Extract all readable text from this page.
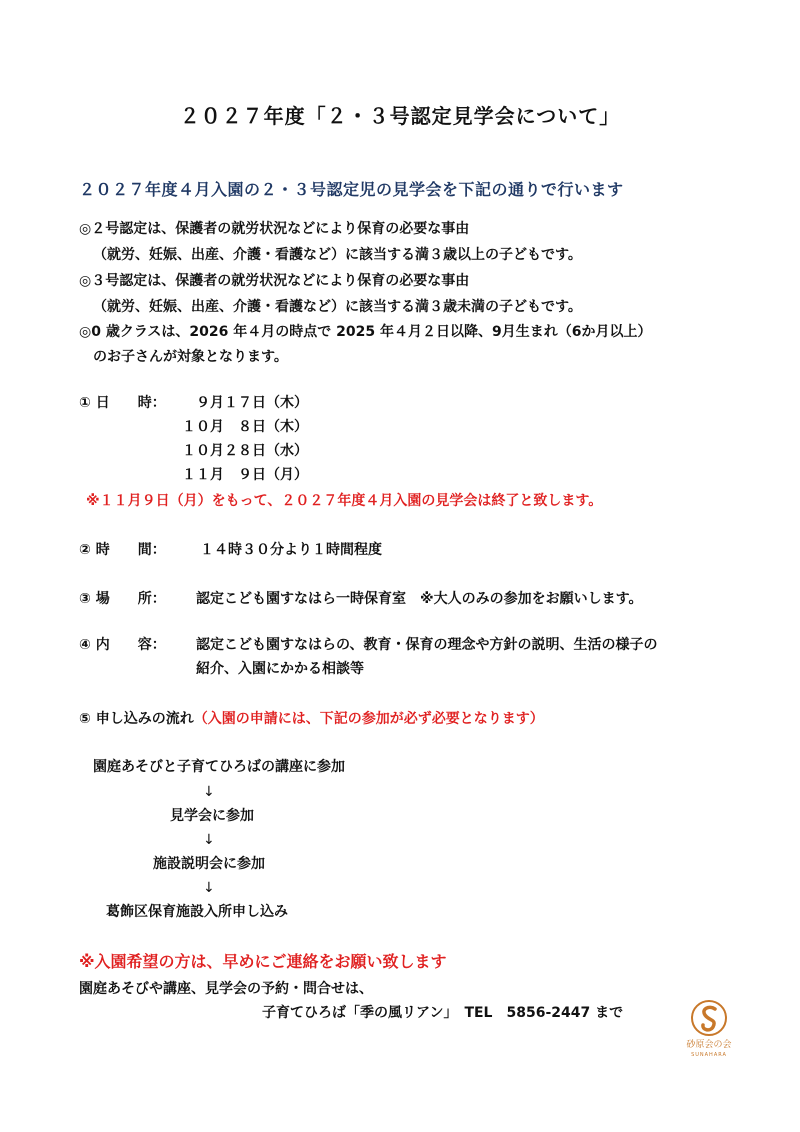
２０２７年度「２・３号認定見学会について」
２０２７年度４月入園の２・３号認定児の見学会を下記の通りで行います
◎２号認定は、保護者の就労状況などにより保育の必要な事由
（就労、妊娠、出産、介護・看護など）に該当する満３歳以上の子どもです。
◎３号認定は、保護者の就労状況などにより保育の必要な事由
（就労、妊娠、出産、介護・看護など）に該当する満３歳未満の子どもです。
◎0 歳クラスは、2026 年４月の時点で 2025 年４月２日以降、9月生まれ（6か月以上）
のお子さんが対象となります。
① 日　　時： ９月１７日（木）
１０月　８日（木）
１０月２８日（水）
１１月　９日（月）
※１１月９日（月）をもって、２０２７年度４月入園の見学会は終了と致します。
② 時　　間： １４時３０分より１時間程度
③ 場　　所： 認定こども園すなはら一時保育室　※大人のみの参加をお願いします。
④ 内　　容： 認定こども園すなはらの、教育・保育の理念や方針の説明、生活の様子の
紹介、入園にかかる相談等
⑤ 申し込みの流れ（入園の申請には、下記の参加が必ず必要となります）
園庭あそびと子育てひろばの講座に参加
↓
見学会に参加
↓
施設説明会に参加
↓
葛飾区保育施設入所申し込み
※入園希望の方は、早めにご連絡をお願い致します
園庭あそびや講座、見学会の予約・問合せは、
子育てひろば「季の風リアン」　TEL　5856-2447 まで
砂原会の会
SUNAHARA
